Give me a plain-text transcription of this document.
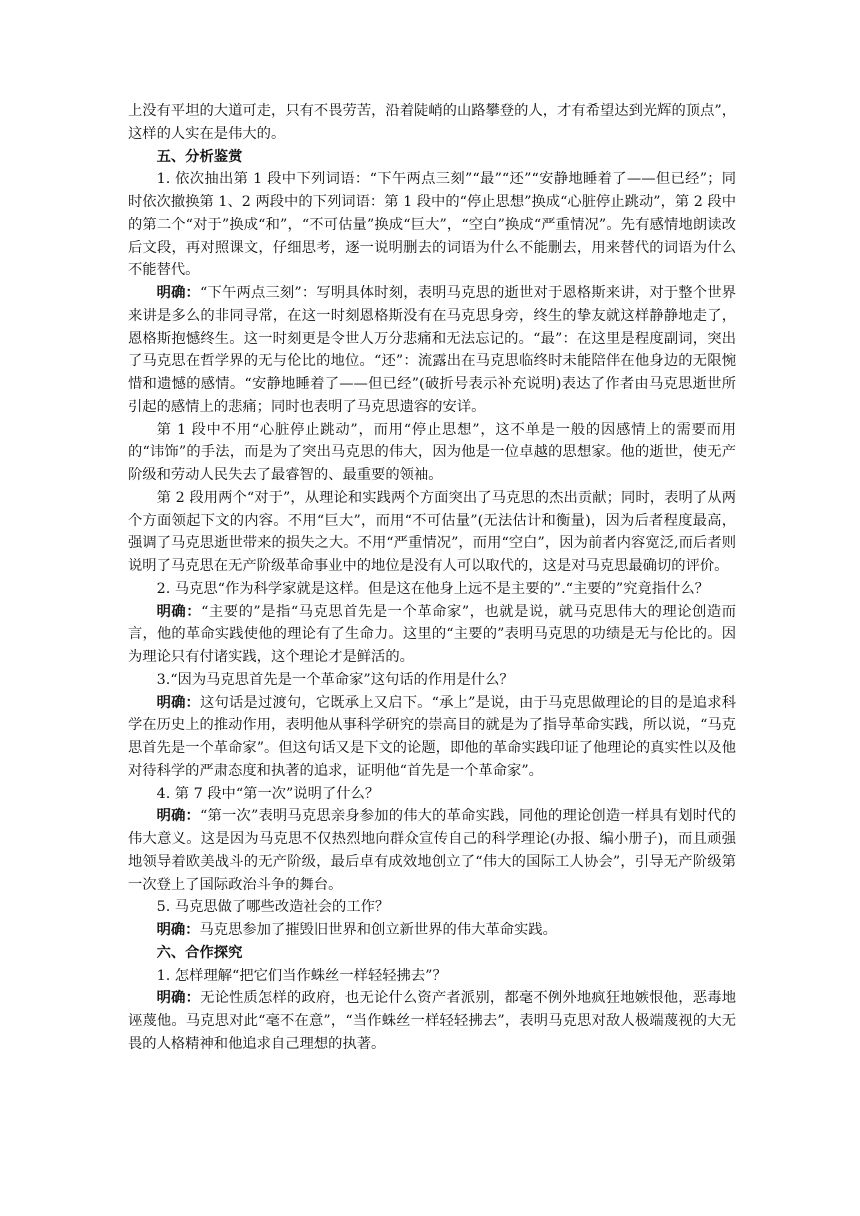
上没有平坦的大道可走，只有不畏劳苦，沿着陡峭的山路攀登的人，才有希望达到光辉的顶点”，这样的人实在是伟大的。

五、分析鉴赏

1. 依次抽出第 1 段中下列词语：“下午两点三刻”“最”“还”“安静地睡着了——但已经”；同时依次撤换第 1、2 两段中的下列词语：第 1 段中的“停止思想”换成“心脏停止跳动”，第 2 段中的第二个“对于”换成“和”，“不可估量”换成“巨大”，“空白”换成“严重情况”。先有感情地朗读改后文段，再对照课文，仔细思考，逐一说明删去的词语为什么不能删去，用来替代的词语为什么不能替代。

明确：“下午两点三刻”：写明具体时刻，表明马克思的逝世对于恩格斯来讲，对于整个世界来讲是多么的非同寻常，在这一时刻恩格斯没有在马克思身旁，终生的挚友就这样静静地走了，恩格斯抱憾终生。这一时刻更是令世人万分悲痛和无法忘记的。“最”：在这里是程度副词，突出了马克思在哲学界的无与伦比的地位。“还”：流露出在马克思临终时未能陪伴在他身边的无限惋惜和遗憾的感情。“安静地睡着了——但已经”(破折号表示补充说明)表达了作者由马克思逝世所引起的感情上的悲痛；同时也表明了马克思遗容的安详。

第 1 段中不用“心脏停止跳动”，而用“停止思想”，这不单是一般的因感情上的需要而用的“讳饰”的手法，而是为了突出马克思的伟大，因为他是一位卓越的思想家。他的逝世，使无产阶级和劳动人民失去了最睿智的、最重要的领袖。

第 2 段用两个“对于”，从理论和实践两个方面突出了马克思的杰出贡献；同时，表明了从两个方面领起下文的内容。不用“巨大”，而用“不可估量”(无法估计和衡量)，因为后者程度最高，强调了马克思逝世带来的损失之大。不用“严重情况”，而用“空白”，因为前者内容宽泛,而后者则说明了马克思在无产阶级革命事业中的地位是没有人可以取代的，这是对马克思最确切的评价。

2. 马克思“作为科学家就是这样。但是这在他身上远不是主要的”.“主要的”究竟指什么？

明确：“主要的”是指“马克思首先是一个革命家”，也就是说，就马克思伟大的理论创造而言，他的革命实践使他的理论有了生命力。这里的“主要的”表明马克思的功绩是无与伦比的。因为理论只有付诸实践，这个理论才是鲜活的。

3.“因为马克思首先是一个革命家”这句话的作用是什么？

明确：这句话是过渡句，它既承上又启下。“承上”是说，由于马克思做理论的目的是追求科学在历史上的推动作用，表明他从事科学研究的崇高目的就是为了指导革命实践，所以说，“马克思首先是一个革命家”。但这句话又是下文的论题，即他的革命实践印证了他理论的真实性以及他对待科学的严肃态度和执著的追求，证明他“首先是一个革命家”。

4. 第 7 段中“第一次”说明了什么？

明确：“第一次”表明马克思亲身参加的伟大的革命实践，同他的理论创造一样具有划时代的伟大意义。这是因为马克思不仅热烈地向群众宣传自己的科学理论(办报、编小册子)，而且顽强地领导着欧美战斗的无产阶级，最后卓有成效地创立了“伟大的国际工人协会”，引导无产阶级第一次登上了国际政治斗争的舞台。

5. 马克思做了哪些改造社会的工作？

明确：马克思参加了摧毁旧世界和创立新世界的伟大革命实践。

六、合作探究

1. 怎样理解“把它们当作蛛丝一样轻轻拂去”？

明确：无论性质怎样的政府，也无论什么资产者派别，都毫不例外地疯狂地嫉恨他，恶毒地诬蔑他。马克思对此“毫不在意”，“当作蛛丝一样轻轻拂去”，表明马克思对敌人极端蔑视的大无畏的人格精神和他追求自己理想的执著。
